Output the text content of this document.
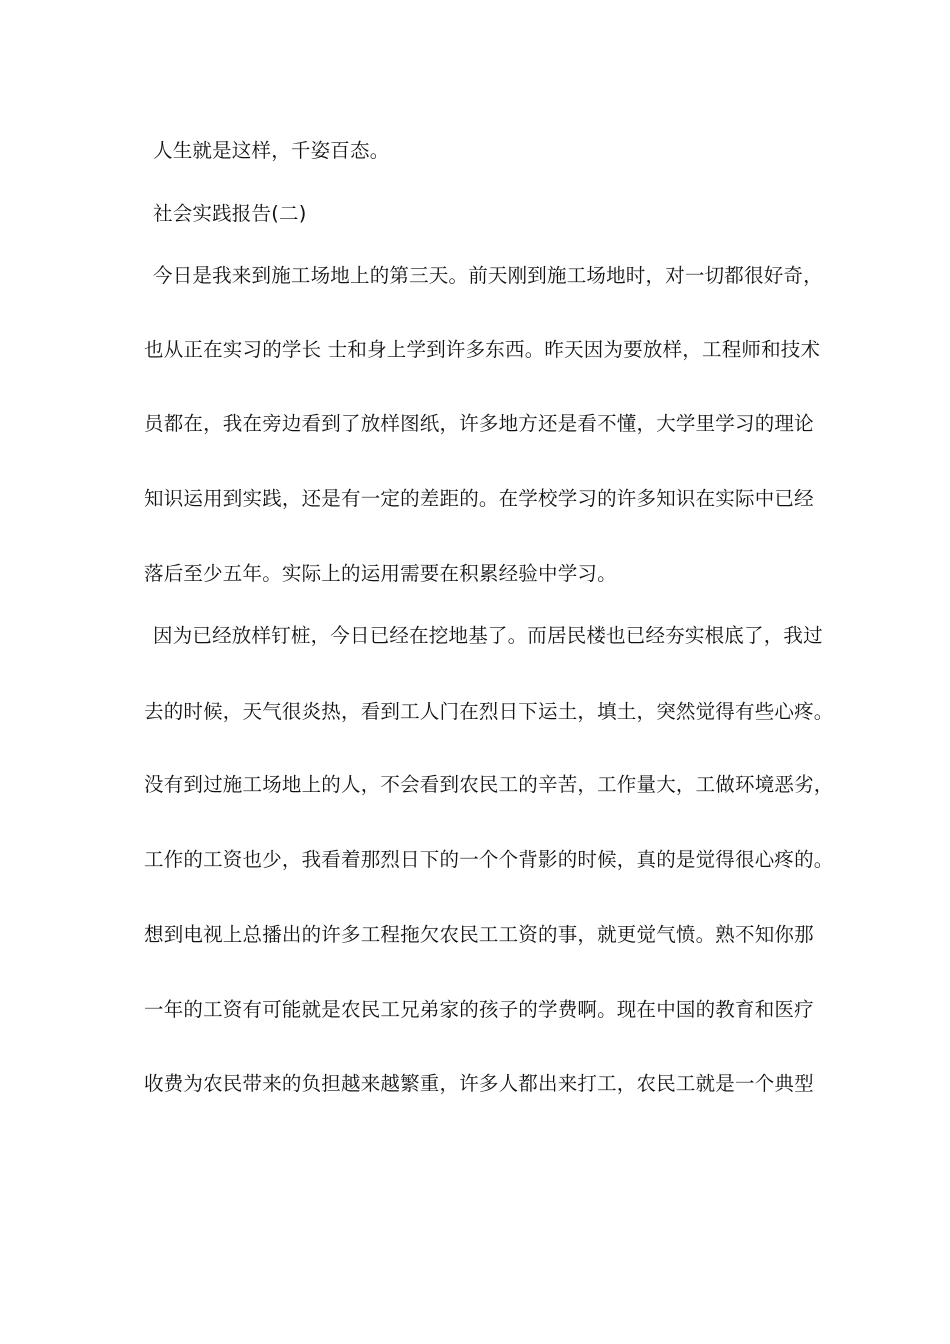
人生就是这样，千姿百态。
社会实践报告(二)
今日是我来到施工场地上的第三天。前天刚到施工场地时，对一切都很好奇，
也从正在实习的学长 士和身上学到许多东西。昨天因为要放样，工程师和技术
员都在，我在旁边看到了放样图纸，许多地方还是看不懂，大学里学习的理论
知识运用到实践，还是有一定的差距的。在学校学习的许多知识在实际中已经
落后至少五年。实际上的运用需要在积累经验中学习。
因为已经放样钉桩，今日已经在挖地基了。而居民楼也已经夯实根底了，我过
去的时候，天气很炎热，看到工人门在烈日下运土，填土，突然觉得有些心疼。
没有到过施工场地上的人，不会看到农民工的辛苦，工作量大，工做环境恶劣，
工作的工资也少，我看着那烈日下的一个个背影的时候，真的是觉得很心疼的。
想到电视上总播出的许多工程拖欠农民工工资的事，就更觉气愤。熟不知你那
一年的工资有可能就是农民工兄弟家的孩子的学费啊。现在中国的教育和医疗
收费为农民带来的负担越来越繁重，许多人都出来打工，农民工就是一个典型
